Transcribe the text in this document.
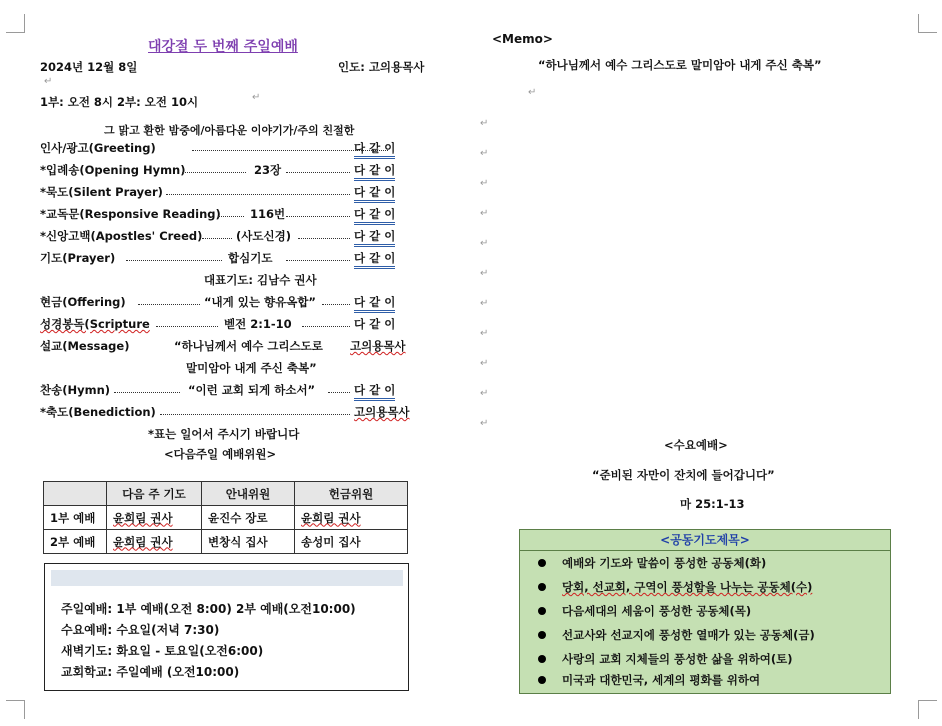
대강절 두 번째 주일예배
2024년 12월 8일	인도: 고의용목사
↵
1부: 오전 8시 2부: 오전 10시	↵
그 맑고 환한 밤중에/아름다운 이야기가/주의 친절한
인사/광고(Greeting)	다 같 이
*입례송(Opening Hymn)	23장	다 같 이
*묵도(Silent Prayer)	다 같 이
*교독문(Responsive Reading)	116번	다 같 이
*신앙고백(Apostles' Creed)	(사도신경)	다 같 이
기도(Prayer)	합심기도	다 같 이
대표기도: 김남수 권사
현금(Offering)	“내게 있는 향유옥합”	다 같 이
성경봉독(Scripture	벧전 2:1-10	다 같 이
설교(Message)	“하나님께서 예수 그리스도로 고의용목사
말미암아 내게 주신 축복”
찬송(Hymn)	“이런 교회 되게 하소서”	다 같 이
*축도(Benediction)	고의용목사
*표는 일어서 주시기 바랍니다
<다음주일 예배위원>
	다음 주 기도	안내위원	헌금위원
1부 예배	윤희림 권사	윤진수 장로	윤희림 권사
2부 예배	윤희림 권사	변창식 집사	송성미 집사
주일예배: 1부 예배(오전 8:00) 2부 예배(오전10:00)
수요예배: 수요일(저녁 7:30)
새벽기도: 화요일 - 토요일(오전6:00)
교회학교: 주일예배 (오전10:00)
<Memo>
“하나님께서 예수 그리스도로 말미암아 내게 주신 축복”
↵
↵
↵
↵
↵
↵
↵
↵
↵
↵
↵
↵
<수요예배>
“준비된 자만이 잔치에 들어갑니다”
마 25:1-13
<공동기도제목>
예배와 기도와 말씀이 풍성한 공동체(화)
당회, 선교회, 구역이 풍성함을 나누는 공동체(수)
다음세대의 세움이 풍성한 공동체(목)
선교사와 선교지에 풍성한 열매가 있는 공동체(금)
사랑의 교회 지체들의 풍성한 삶을 위하여(토)
미국과 대한민국, 세계의 평화를 위하여
